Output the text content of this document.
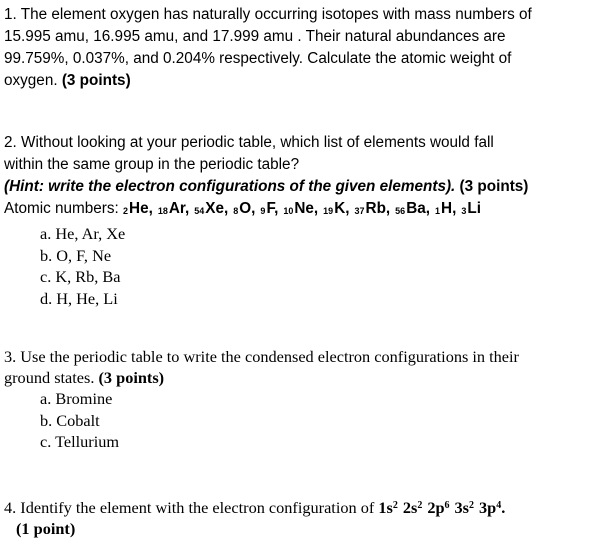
1. The element oxygen has naturally occurring isotopes with mass numbers of
15.995 amu, 16.995 amu, and 17.999 amu . Their natural abundances are
99.759%, 0.037%, and 0.204% respectively. Calculate the atomic weight of
oxygen. (3 points)
2. Without looking at your periodic table, which list of elements would fall
within the same group in the periodic table?
(Hint: write the electron configurations of the given elements). (3 points)
Atomic numbers: $_2$He, $_{18}$Ar, $_{54}$Xe, $_8$O, $_9$F, $_{10}$Ne, $_{19}$K, $_{37}$Rb, $_{56}$Ba, $_1$H, $_3$Li
a. He, Ar, Xe
b. O, F, Ne
c. K, Rb, Ba
d. H, He, Li
3. Use the periodic table to write the condensed electron configurations in their
ground states. (3 points)
a. Bromine
b. Cobalt
c. Tellurium
4. Identify the element with the electron configuration of $1s^2$ $2s^2$ $2p^6$ $3s^2$ $3p^4$.
(1 point)
